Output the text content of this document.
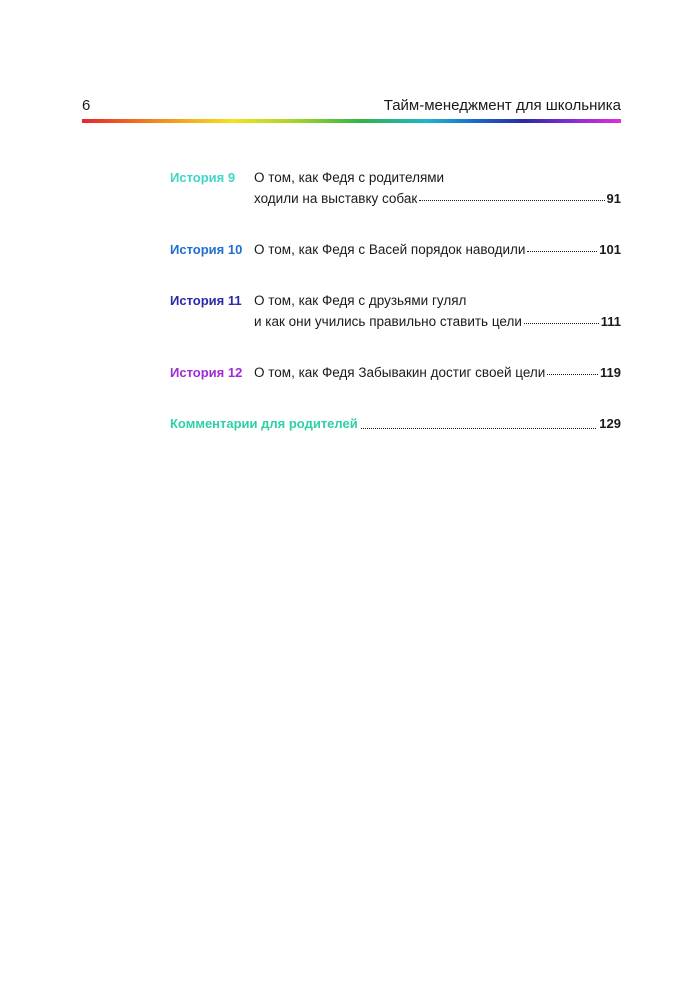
6	Тайм-менеджмент для школьника
История 9 О том, как Федя с родителями
ходили на выставку собак	91
История 10 О том, как Федя с Васей порядок наводили	101
История 11 О том, как Федя с друзьями гулял
и как они учились правильно ставить цели	111
История 12 О том, как Федя Забывакин достиг своей цели	119
Комментарии для родителей	129
